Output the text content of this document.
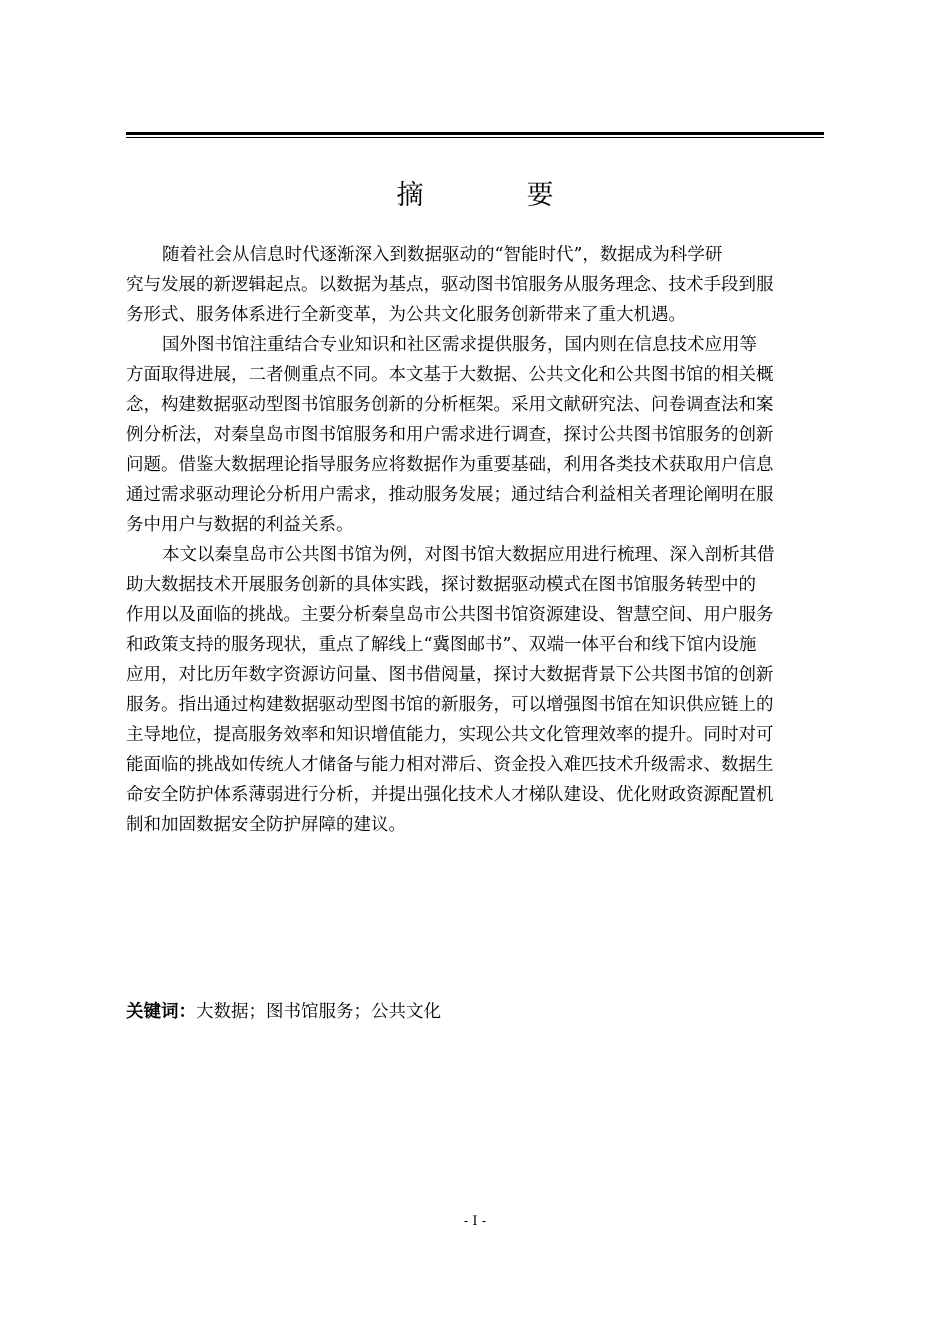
摘　要

随着社会从信息时代逐渐深入到数据驱动的“智能时代”，数据成为科学研
究与发展的新逻辑起点。以数据为基点，驱动图书馆服务从服务理念、技术手段到服
务形式、服务体系进行全新变革，为公共文化服务创新带来了重大机遇。

国外图书馆注重结合专业知识和社区需求提供服务，国内则在信息技术应用等
方面取得进展，二者侧重点不同。本文基于大数据、公共文化和公共图书馆的相关概
念，构建数据驱动型图书馆服务创新的分析框架。采用文献研究法、问卷调查法和案
例分析法，对秦皇岛市图书馆服务和用户需求进行调查，探讨公共图书馆服务的创新
问题。借鉴大数据理论指导服务应将数据作为重要基础，利用各类技术获取用户信息
通过需求驱动理论分析用户需求，推动服务发展；通过结合利益相关者理论阐明在服
务中用户与数据的利益关系。

本文以秦皇岛市公共图书馆为例，对图书馆大数据应用进行梳理、深入剖析其借
助大数据技术开展服务创新的具体实践，探讨数据驱动模式在图书馆服务转型中的
作用以及面临的挑战。主要分析秦皇岛市公共图书馆资源建设、智慧空间、用户服务
和政策支持的服务现状，重点了解线上“冀图邮书”、双端一体平台和线下馆内设施
应用，对比历年数字资源访问量、图书借阅量，探讨大数据背景下公共图书馆的创新
服务。指出通过构建数据驱动型图书馆的新服务，可以增强图书馆在知识供应链上的
主导地位，提高服务效率和知识增值能力，实现公共文化管理效率的提升。同时对可
能面临的挑战如传统人才储备与能力相对滞后、资金投入难匹技术升级需求、数据生
命安全防护体系薄弱进行分析，并提出强化技术人才梯队建设、优化财政资源配置机
制和加固数据安全防护屏障的建议。

关键词：大数据；图书馆服务；公共文化
- I -
